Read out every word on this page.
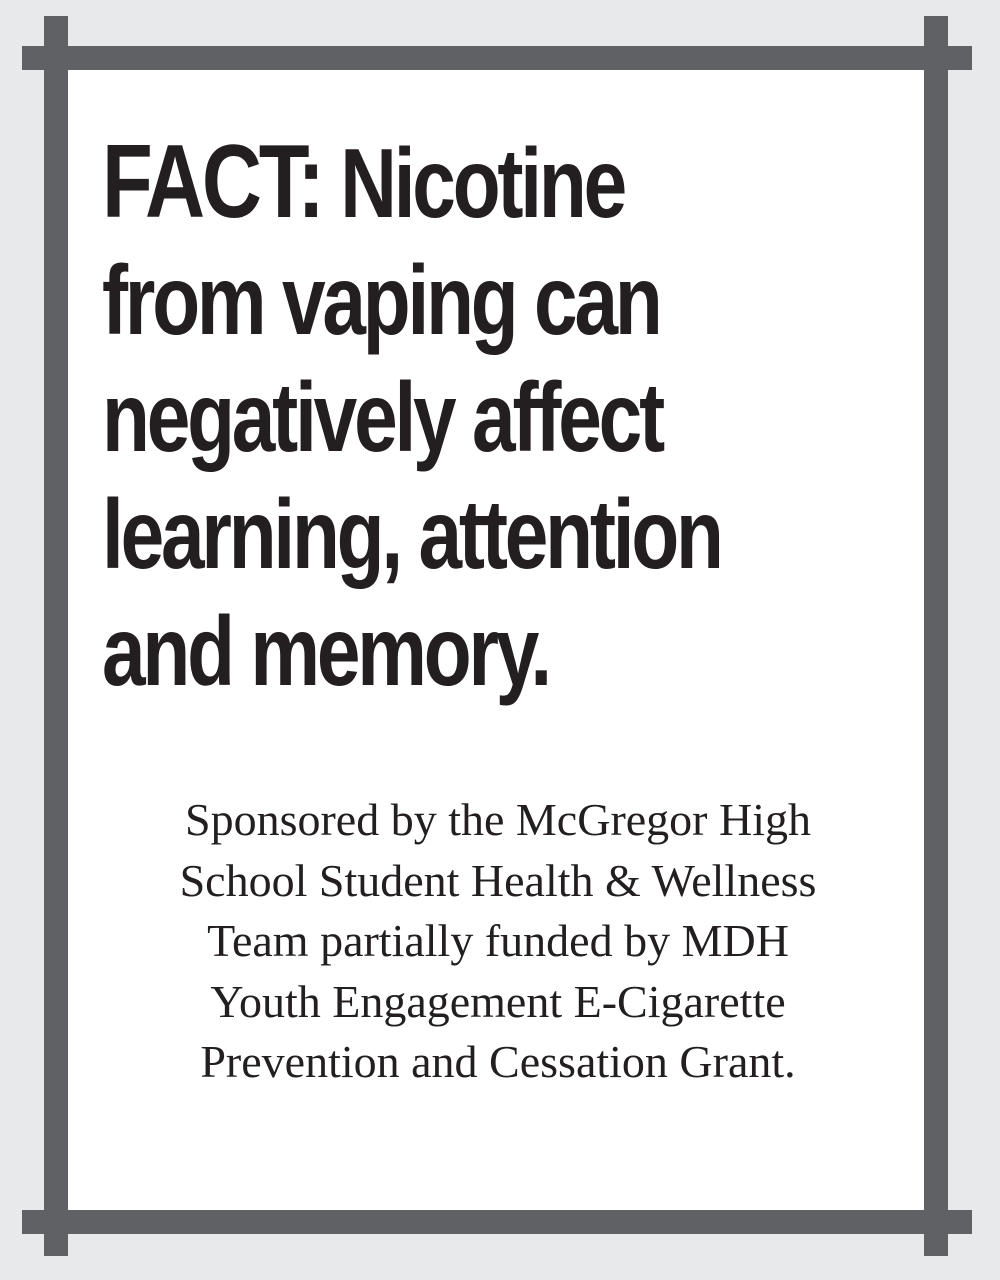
FACT: Nicotine
from vaping can
negatively affect
learning, attention
and memory.

Sponsored by the McGregor High
School Student Health & Wellness
Team partially funded by MDH
Youth Engagement E-Cigarette
Prevention and Cessation Grant.
